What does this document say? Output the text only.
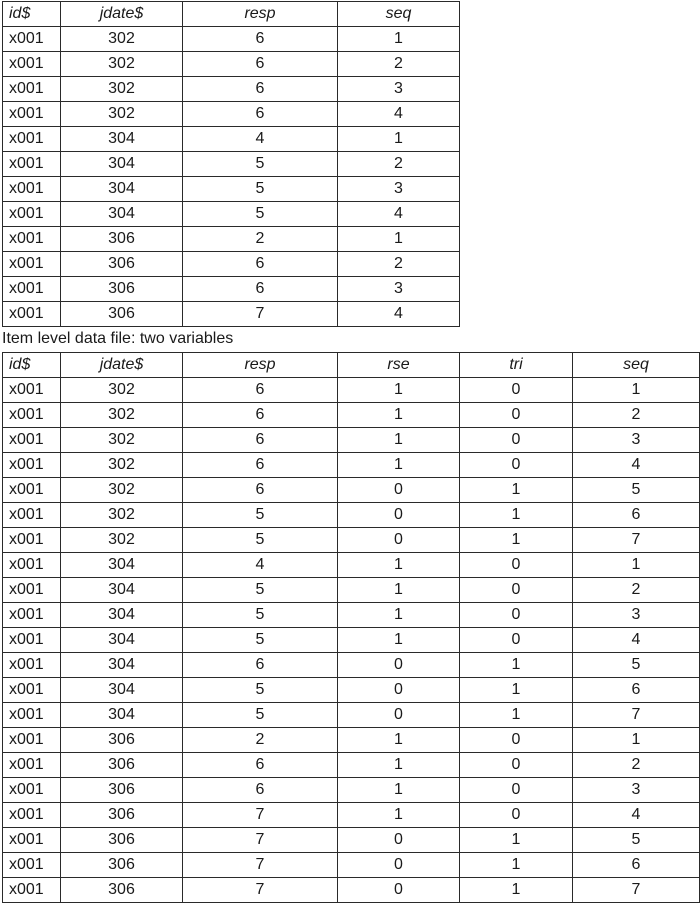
id$	jdate$	resp	seq
x001	302	6	1
x001	302	6	2
x001	302	6	3
x001	302	6	4
x001	304	4	1
x001	304	5	2
x001	304	5	3
x001	304	5	4
x001	306	2	1
x001	306	6	2
x001	306	6	3
x001	306	7	4
Item level data file: two variables
id$	jdate$	resp	rse	tri	seq
x001	302	6	1	0	1
x001	302	6	1	0	2
x001	302	6	1	0	3
x001	302	6	1	0	4
x001	302	6	0	1	5
x001	302	5	0	1	6
x001	302	5	0	1	7
x001	304	4	1	0	1
x001	304	5	1	0	2
x001	304	5	1	0	3
x001	304	5	1	0	4
x001	304	6	0	1	5
x001	304	5	0	1	6
x001	304	5	0	1	7
x001	306	2	1	0	1
x001	306	6	1	0	2
x001	306	6	1	0	3
x001	306	7	1	0	4
x001	306	7	0	1	5
x001	306	7	0	1	6
x001	306	7	0	1	7
